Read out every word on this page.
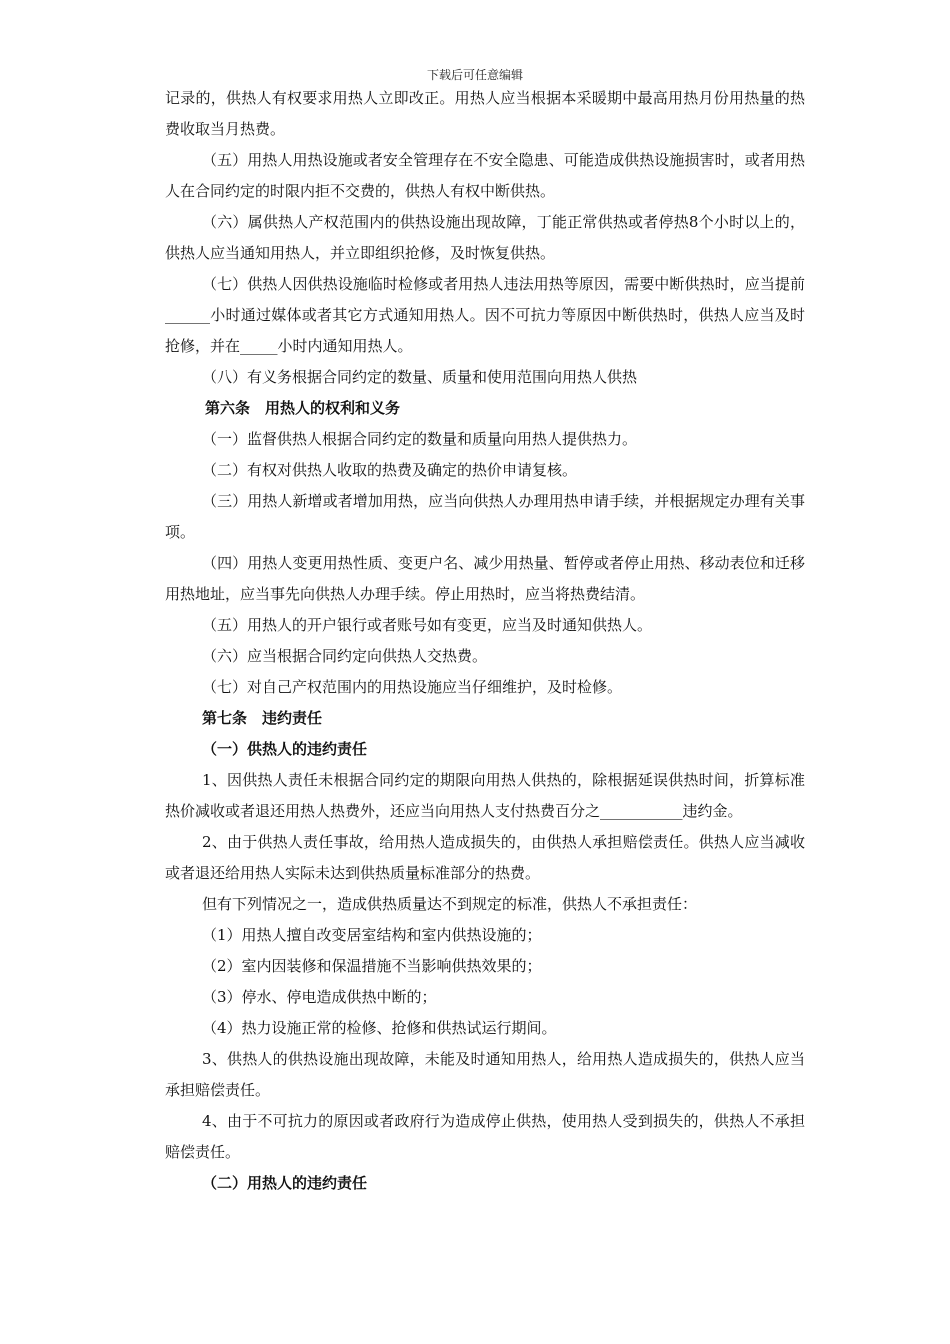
下载后可任意编辑

记录的，供热人有权要求用热人立即改正。用热人应当根据本采暖期中最高用热月份用热量的热费收取当月热费。

（五）用热人用热设施或者安全管理存在不安全隐患、可能造成供热设施损害时，或者用热人在合同约定的时限内拒不交费的，供热人有权中断供热。

（六）属供热人产权范围内的供热设施出现故障，丁能正常供热或者停热8个小时以上的，供热人应当通知用热人，并立即组织抢修，及时恢复供热。

（七）供热人因供热设施临时检修或者用热人违法用热等原因，需要中断供热时，应当提前______小时通过媒体或者其它方式通知用热人。因不可抗力等原因中断供热时，供热人应当及时抢修，并在_____小时内通知用热人。

（八）有义务根据合同约定的数量、质量和使用范围向用热人供热

第六条　用热人的权利和义务

（一）监督供热人根据合同约定的数量和质量向用热人提供热力。

（二）有权对供热人收取的热费及确定的热价申请复核。

（三）用热人新增或者增加用热，应当向供热人办理用热申请手续，并根据规定办理有关事项。

（四）用热人变更用热性质、变更户名、减少用热量、暂停或者停止用热、移动表位和迁移用热地址，应当事先向供热人办理手续。停止用热时，应当将热费结清。

（五）用热人的开户银行或者账号如有变更，应当及时通知供热人。

（六）应当根据合同约定向供热人交热费。

（七）对自己产权范围内的用热设施应当仔细维护，及时检修。

第七条　违约责任

（一）供热人的违约责任

1、因供热人责任未根据合同约定的期限向用热人供热的，除根据延误供热时间，折算标准热价减收或者退还用热人热费外，还应当向用热人支付热费百分之___________违约金。

2、由于供热人责任事故，给用热人造成损失的，由供热人承担赔偿责任。供热人应当减收或者退还给用热人实际未达到供热质量标准部分的热费。

但有下列情况之一，造成供热质量达不到规定的标准，供热人不承担责任：

（1）用热人擅自改变居室结构和室内供热设施的；

（2）室内因装修和保温措施不当影响供热效果的；

（3）停水、停电造成供热中断的；

（4）热力设施正常的检修、抢修和供热试运行期间。

3、供热人的供热设施出现故障，未能及时通知用热人，给用热人造成损失的，供热人应当承担赔偿责任。

4、由于不可抗力的原因或者政府行为造成停止供热，使用热人受到损失的，供热人不承担赔偿责任。

（二）用热人的违约责任
